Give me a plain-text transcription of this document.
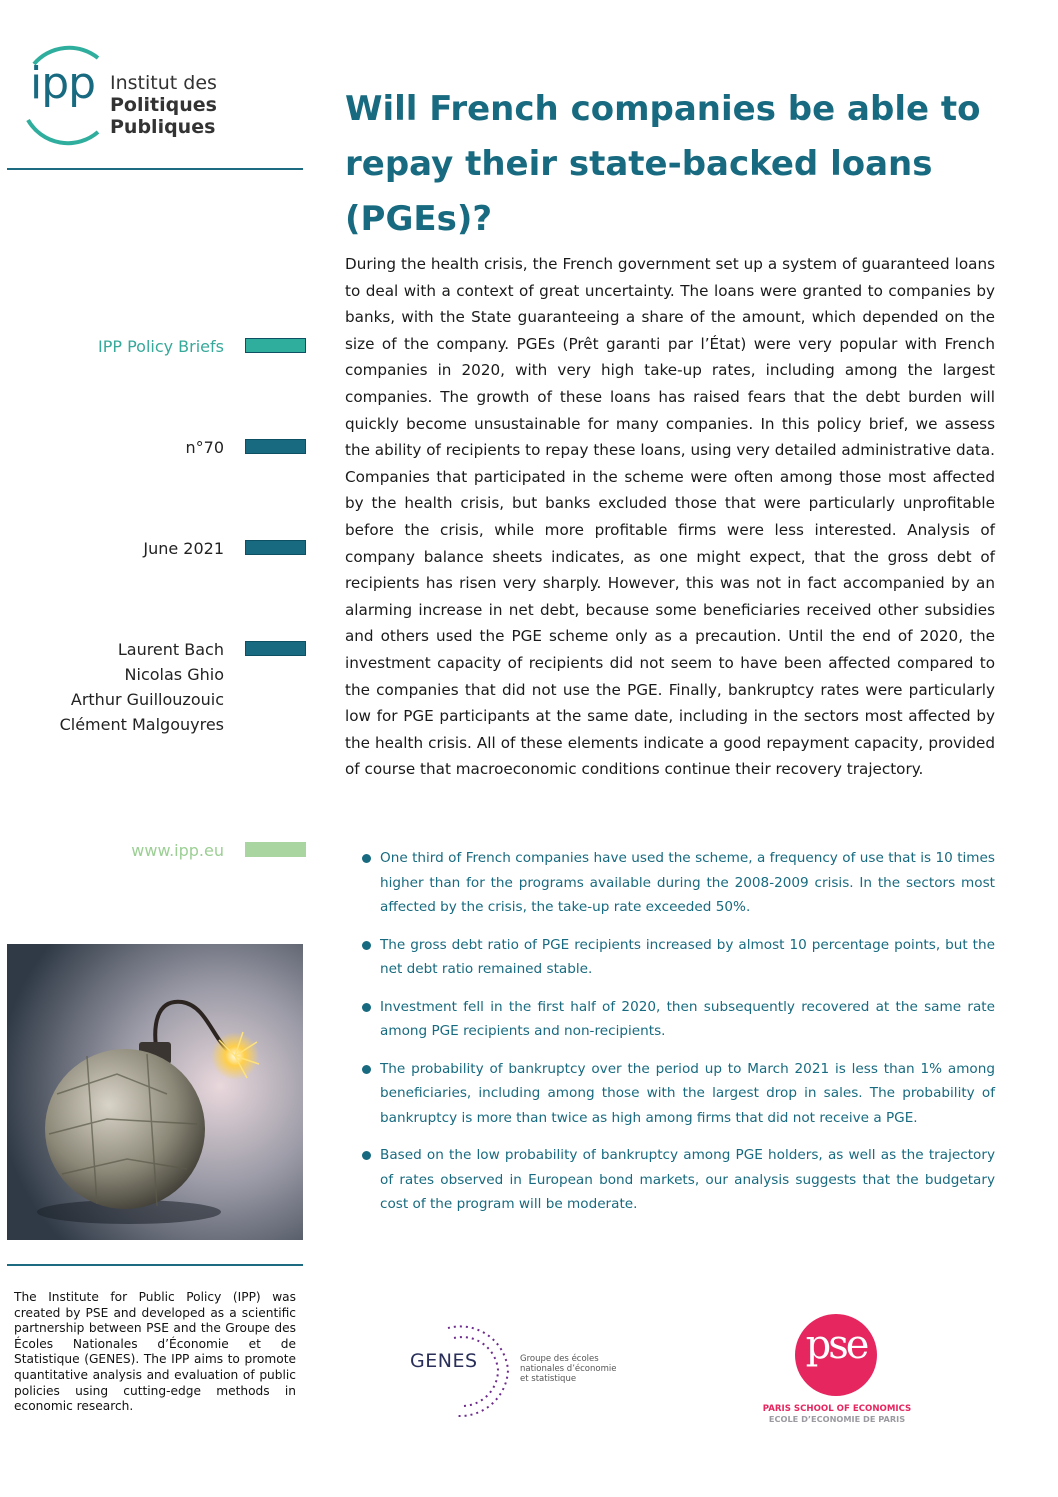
ipp Institut des
Politiques Publiques	Will French companies be able to repay their state-backed loans (PGEs)?
IPP Policy Briefs
n°70
June 2021
Laurent Bach
Nicolas Ghio
Arthur Guillouzouic
Clément Malgouyres
www.ipp.eu

During the health crisis, the French government set up a system of guaranteed loans to deal with a context of great uncertainty. The loans were granted to companies by banks, with the State guaranteeing a share of the amount, which depended on the size of the company. PGEs (Prêt garanti par l’État) were very popular with French companies in 2020, with very high take-up rates, including among the largest companies. The growth of these loans has raised fears that the debt burden will quickly become unsustainable for many companies. In this policy brief, we assess the ability of recipients to repay these loans, using very detailed administrative data. Companies that participated in the scheme were often among those most affected by the health crisis, but banks excluded those that were particularly unprofitable before the crisis, while more profitable firms were less interested. Analysis of company balance sheets indicates, as one might expect, that the gross debt of recipients has risen very sharply. However, this was not in fact accompanied by an alarming increase in net debt, because some beneficiaries received other subsidies and others used the PGE scheme only as a precaution. Until the end of 2020, the investment capacity of recipients did not seem to have been affected compared to the companies that did not use the PGE. Finally, bankruptcy rates were particularly low for PGE participants at the same date, including in the sectors most affected by the health crisis. All of these elements indicate a good repayment capacity, provided of course that macroeconomic conditions continue their recovery trajectory.

One third of French companies have used the scheme, a frequency of use that is 10 times higher than for the programs available during the 2008-2009 crisis. In the sectors most affected by the crisis, the take-up rate exceeded 50%.
The gross debt ratio of PGE recipients increased by almost 10 percentage points, but the net debt ratio remained stable.
Investment fell in the first half of 2020, then subsequently recovered at the same rate among PGE recipients and non-recipients.
The probability of bankruptcy over the period up to March 2021 is less than 1% among beneficiaries, including among those with the largest drop in sales. The probability of bankruptcy is more than twice as high among firms that did not receive a PGE.
Based on the low probability of bankruptcy among PGE holders, as well as the trajectory of rates observed in European bond markets, our analysis suggests that the budgetary cost of the program will be moderate.

The Institute for Public Policy (IPP) was created by PSE and developed as a scientific partnership between PSE and the Groupe des Écoles Nationales d’Économie et de Statistique (GENES). The IPP aims to promote quantitative analysis and evaluation of public policies using cutting-edge methods in economic research.

GENES	Groupe des écoles nationales d’économie et statistique
pse
PARIS SCHOOL OF ECONOMICS
ECOLE D’ECONOMIE DE PARIS
